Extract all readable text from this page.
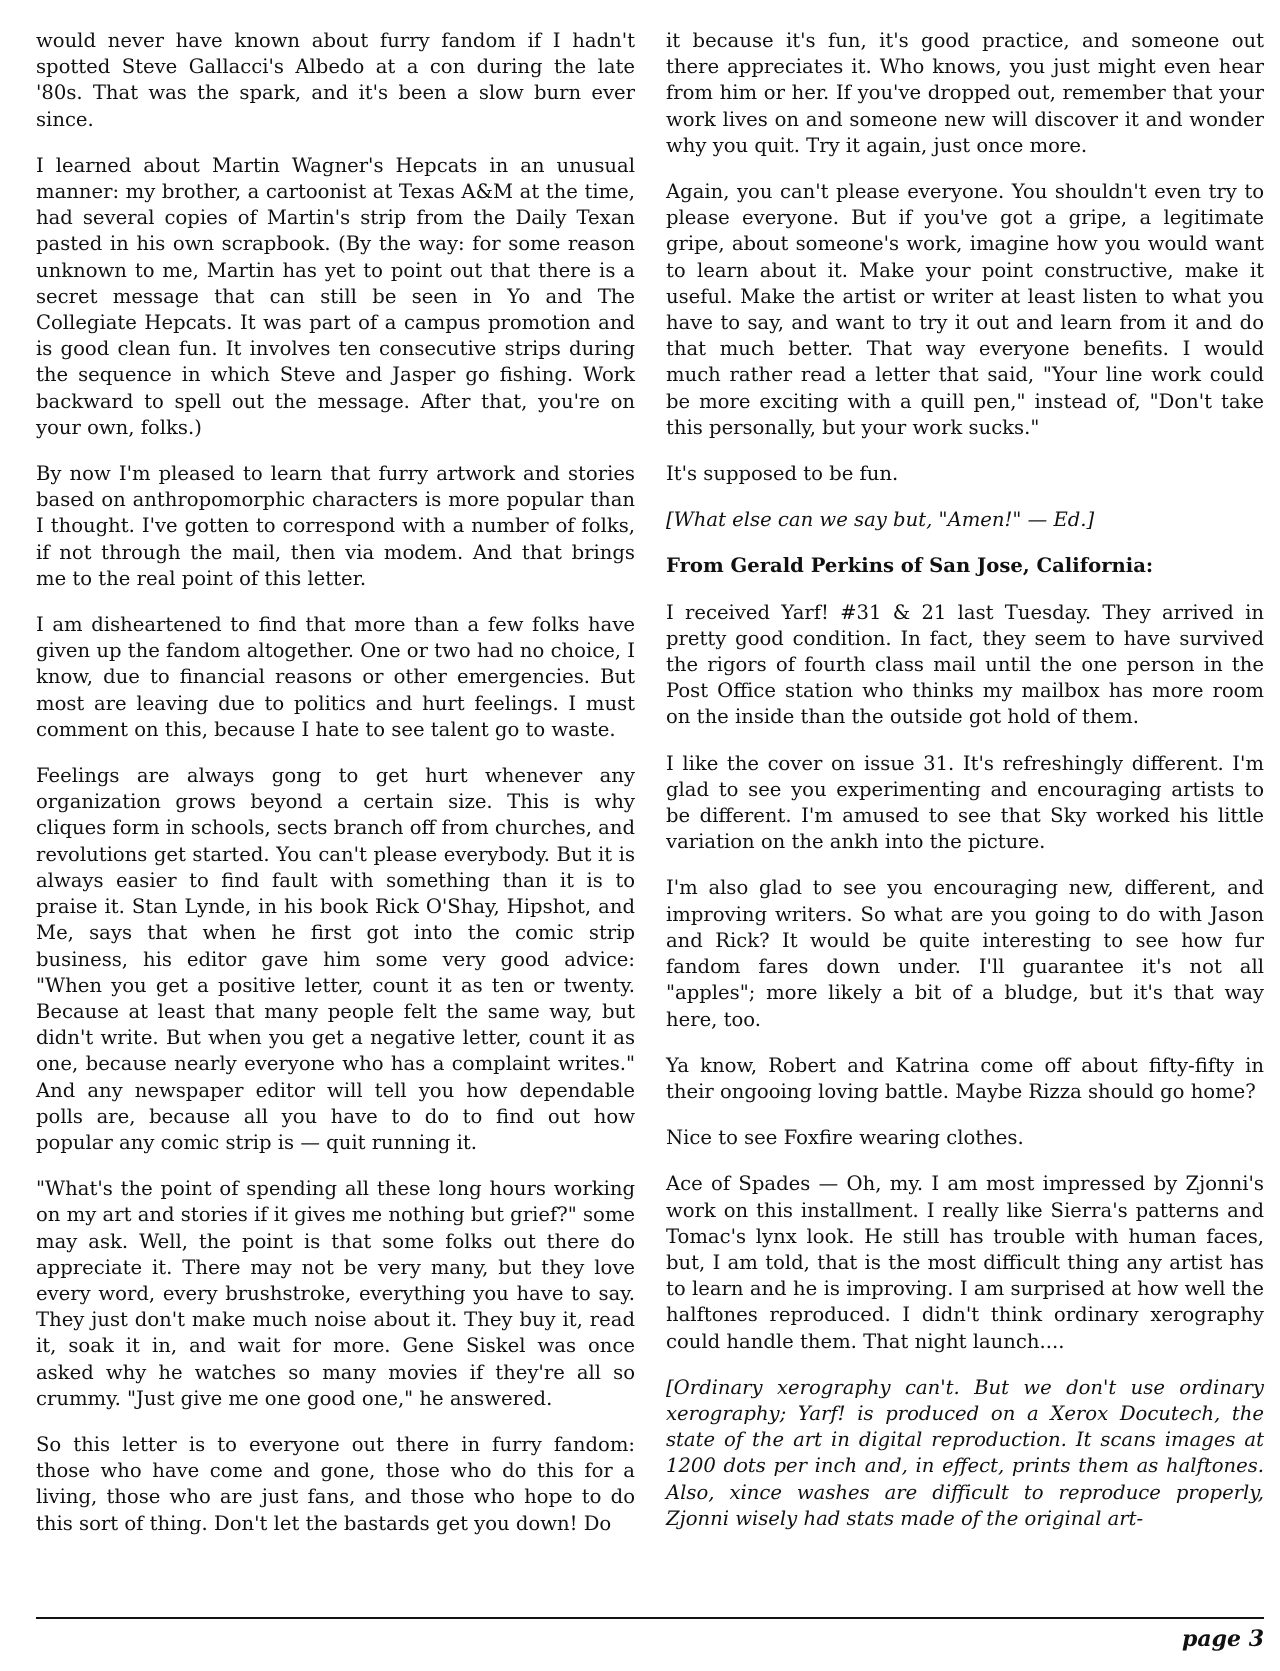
would never have known about furry fandom if I hadn't spotted Steve Gallacci's Albedo at a con during the late '80s. That was the spark, and it's been a slow burn ever since.

I learned about Martin Wagner's Hepcats in an unusual manner: my brother, a cartoonist at Texas A&M at the time, had several copies of Martin's strip from the Daily Texan pasted in his own scrapbook. (By the way: for some reason unknown to me, Martin has yet to point out that there is a secret message that can still be seen in Yo and The Collegiate Hepcats. It was part of a campus promotion and is good clean fun. It involves ten consecutive strips during the sequence in which Steve and Jasper go fishing. Work backward to spell out the message. After that, you're on your own, folks.)

By now I'm pleased to learn that furry artwork and stories based on anthropomorphic characters is more popular than I thought. I've gotten to correspond with a number of folks, if not through the mail, then via modem. And that brings me to the real point of this letter.

I am disheartened to find that more than a few folks have given up the fandom altogether. One or two had no choice, I know, due to financial reasons or other emergencies. But most are leaving due to politics and hurt feelings. I must comment on this, because I hate to see talent go to waste.

Feelings are always gong to get hurt whenever any organization grows beyond a certain size. This is why cliques form in schools, sects branch off from churches, and revolutions get started. You can't please everybody. But it is always easier to find fault with something than it is to praise it. Stan Lynde, in his book Rick O'Shay, Hipshot, and Me, says that when he first got into the comic strip business, his editor gave him some very good advice: "When you get a positive letter, count it as ten or twenty. Because at least that many people felt the same way, but didn't write. But when you get a negative letter, count it as one, because nearly everyone who has a complaint writes." And any newspaper editor will tell you how dependable polls are, because all you have to do to find out how popular any comic strip is — quit running it.

"What's the point of spending all these long hours working on my art and stories if it gives me nothing but grief?" some may ask. Well, the point is that some folks out there do appreciate it. There may not be very many, but they love every word, every brushstroke, everything you have to say. They just don't make much noise about it. They buy it, read it, soak it in, and wait for more. Gene Siskel was once asked why he watches so many movies if they're all so crummy. "Just give me one good one," he answered.

So this letter is to everyone out there in furry fandom: those who have come and gone, those who do this for a living, those who are just fans, and those who hope to do this sort of thing. Don't let the bastards get you down! Do

it because it's fun, it's good practice, and someone out there appreciates it. Who knows, you just might even hear from him or her. If you've dropped out, remember that your work lives on and someone new will discover it and wonder why you quit. Try it again, just once more.

Again, you can't please everyone. You shouldn't even try to please everyone. But if you've got a gripe, a legitimate gripe, about someone's work, imagine how you would want to learn about it. Make your point constructive, make it useful. Make the artist or writer at least listen to what you have to say, and want to try it out and learn from it and do that much better. That way everyone benefits. I would much rather read a letter that said, "Your line work could be more exciting with a quill pen," instead of, "Don't take this personally, but your work sucks."

It's supposed to be fun.

[What else can we say but, "Amen!" — Ed.]

From Gerald Perkins of San Jose, California:

I received Yarf! #31 & 21 last Tuesday. They arrived in pretty good condition. In fact, they seem to have survived the rigors of fourth class mail until the one person in the Post Office station who thinks my mailbox has more room on the inside than the outside got hold of them.

I like the cover on issue 31. It's refreshingly different. I'm glad to see you experimenting and encouraging artists to be different. I'm amused to see that Sky worked his little variation on the ankh into the picture.

I'm also glad to see you encouraging new, different, and improving writers. So what are you going to do with Jason and Rick? It would be quite interesting to see how fur fandom fares down under. I'll guarantee it's not all "apples"; more likely a bit of a bludge, but it's that way here, too.

Ya know, Robert and Katrina come off about fifty-fifty in their ongooing loving battle. Maybe Rizza should go home?

Nice to see Foxfire wearing clothes.

Ace of Spades — Oh, my. I am most impressed by Zjonni's work on this installment. I really like Sierra's patterns and Tomac's lynx look. He still has trouble with human faces, but, I am told, that is the most difficult thing any artist has to learn and he is improving. I am surprised at how well the halftones reproduced. I didn't think ordinary xerography could handle them. That night launch....

[Ordinary xerography can't. But we don't use ordinary xerography; Yarf! is produced on a Xerox Docutech, the state of the art in digital reproduction. It scans images at 1200 dots per inch and, in effect, prints them as halftones. Also, xince washes are difficult to reproduce properly, Zjonni wisely had stats made of the original art-

page 3
